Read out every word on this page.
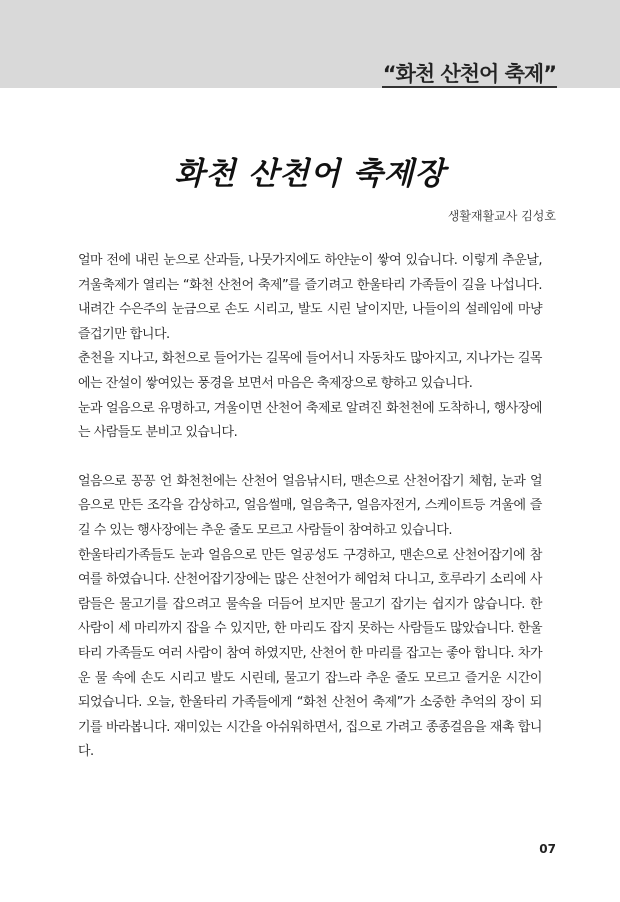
“화천 산천어 축제”
화천 산천어 축제장
생활재활교사 김성호

얼마 전에 내린 눈으로 산과들, 나뭇가지에도 하얀눈이 쌓여 있습니다. 이렇게 추운날, 겨울축제가 열리는 “화천 산천어 축제”를 즐기려고 한울타리 가족들이 길을 나섭니다. 내려간 수은주의 눈금으로 손도 시리고, 발도 시린 날이지만, 나들이의 설레임에 마냥 즐겁기만 합니다.

춘천을 지나고, 화천으로 들어가는 길목에 들어서니 자동차도 많아지고, 지나가는 길목에는 잔설이 쌓여있는 풍경을 보면서 마음은 축제장으로 향하고 있습니다.

눈과 얼음으로 유명하고, 겨울이면 산천어 축제로 알려진 화천천에 도착하니, 행사장에는 사람들도 분비고 있습니다.

얼음으로 꽁꽁 언 화천천에는 산천어 얼음낚시터, 맨손으로 산천어잡기 체험, 눈과 얼음으로 만든 조각을 감상하고, 얼음썰매, 얼음축구, 얼음자전거, 스케이트등 겨울에 즐길 수 있는 행사장에는 추운 줄도 모르고 사람들이 참여하고 있습니다.

한울타리가족들도 눈과 얼음으로 만든 얼공성도 구경하고, 맨손으로 산천어잡기에 참여를 하였습니다. 산천어잡기장에는 많은 산천어가 헤엄쳐 다니고, 호루라기 소리에 사람들은 물고기를 잡으려고 물속을 더듬어 보지만 물고기 잡기는 쉽지가 않습니다. 한 사람이 세 마리까지 잡을 수 있지만, 한 마리도 잡지 못하는 사람들도 많았습니다. 한울타리 가족들도 여러 사람이 참여 하였지만, 산천어 한 마리를 잡고는 좋아 합니다. 차가운 물 속에 손도 시리고 발도 시린데, 물고기 잡느라 추운 줄도 모르고 즐거운 시간이 되었습니다. 오늘, 한울타리 가족들에게 “화천 산천어 축제”가 소중한 추억의 장이 되기를 바라봅니다. 재미있는 시간을 아쉬워하면서, 집으로 가려고 종종걸음을 재촉 합니다.

07
